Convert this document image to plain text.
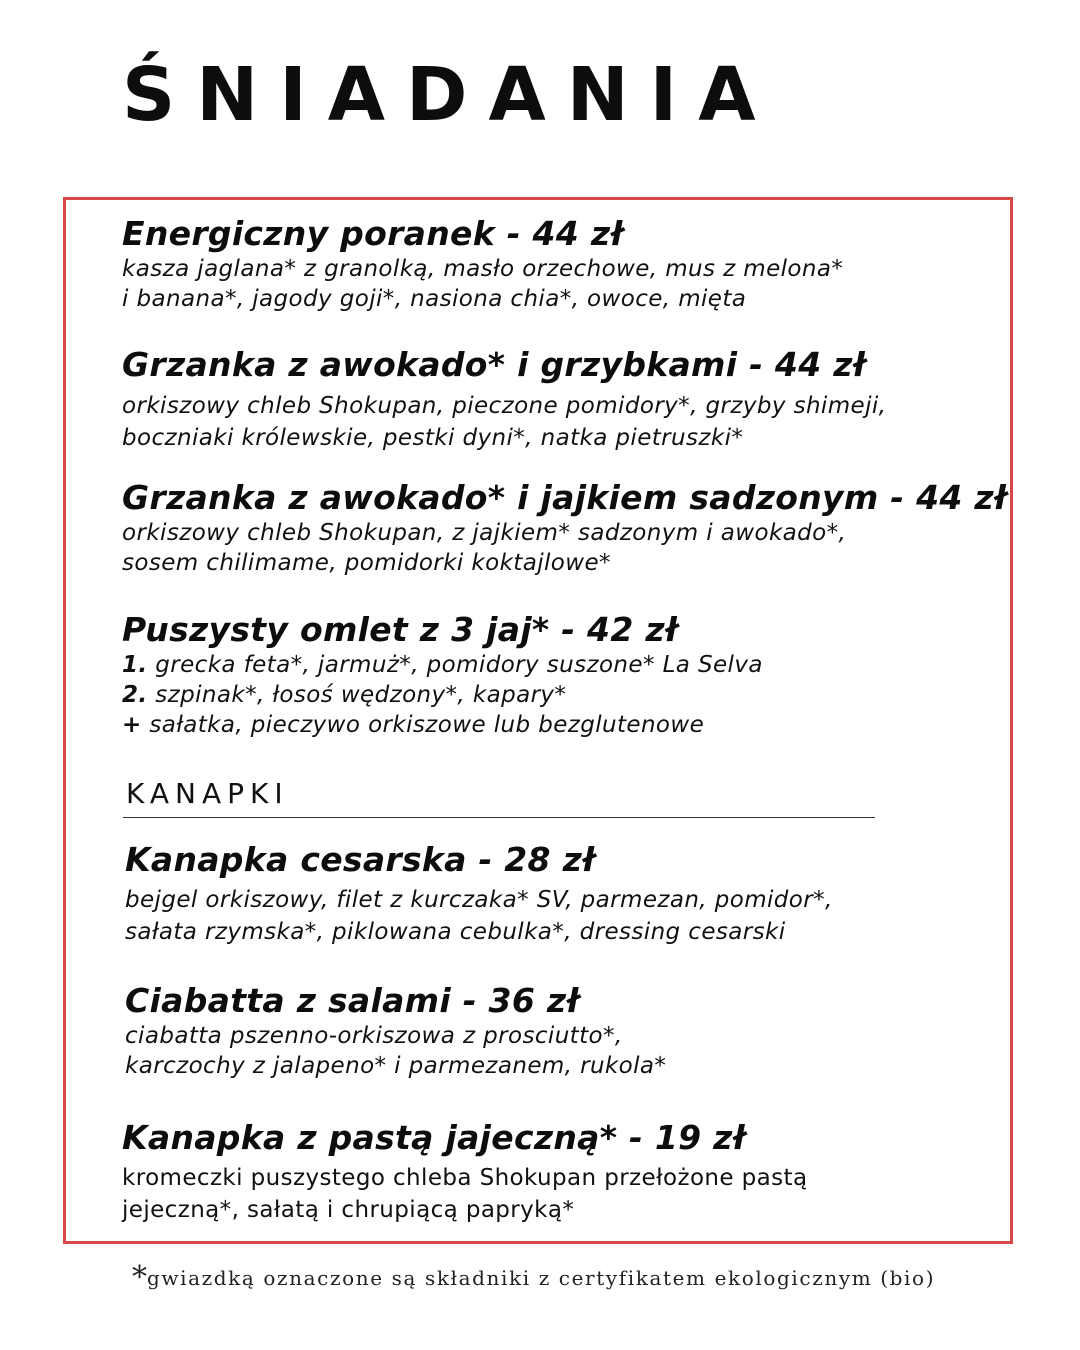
ŚNIADANIA
Energiczny poranek - 44 zł
kasza jaglana* z granolką, masło orzechowe, mus z melona*
i banana*, jagody goji*, nasiona chia*, owoce, mięta
Grzanka z awokado* i grzybkami - 44 zł
orkiszowy chleb Shokupan, pieczone pomidory*, grzyby shimeji,
boczniaki królewskie, pestki dyni*, natka pietruszki*
Grzanka z awokado* i jajkiem sadzonym - 44 zł
orkiszowy chleb Shokupan, z jajkiem* sadzonym i awokado*,
sosem chilimame, pomidorki koktajlowe*
Puszysty omlet z 3 jaj* - 42 zł
1. grecka feta*, jarmuż*, pomidory suszone* La Selva
2. szpinak*, łosoś wędzony*, kapary*
+ sałatka, pieczywo orkiszowe lub bezglutenowe
KANAPKI
Kanapka cesarska - 28 zł
bejgel orkiszowy, filet z kurczaka* SV, parmezan, pomidor*,
sałata rzymska*, piklowana cebulka*, dressing cesarski
Ciabatta z salami - 36 zł
ciabatta pszenno-orkiszowa z prosciutto*,
karczochy z jalapeno* i parmezanem, rukola*
Kanapka z pastą jajeczną* - 19 zł
kromeczki puszystego chleba Shokupan przełożone pastą
jejeczną*, sałatą i chrupiącą papryką*
*gwiazdką oznaczone są składniki z certyfikatem ekologicznym (bio)
